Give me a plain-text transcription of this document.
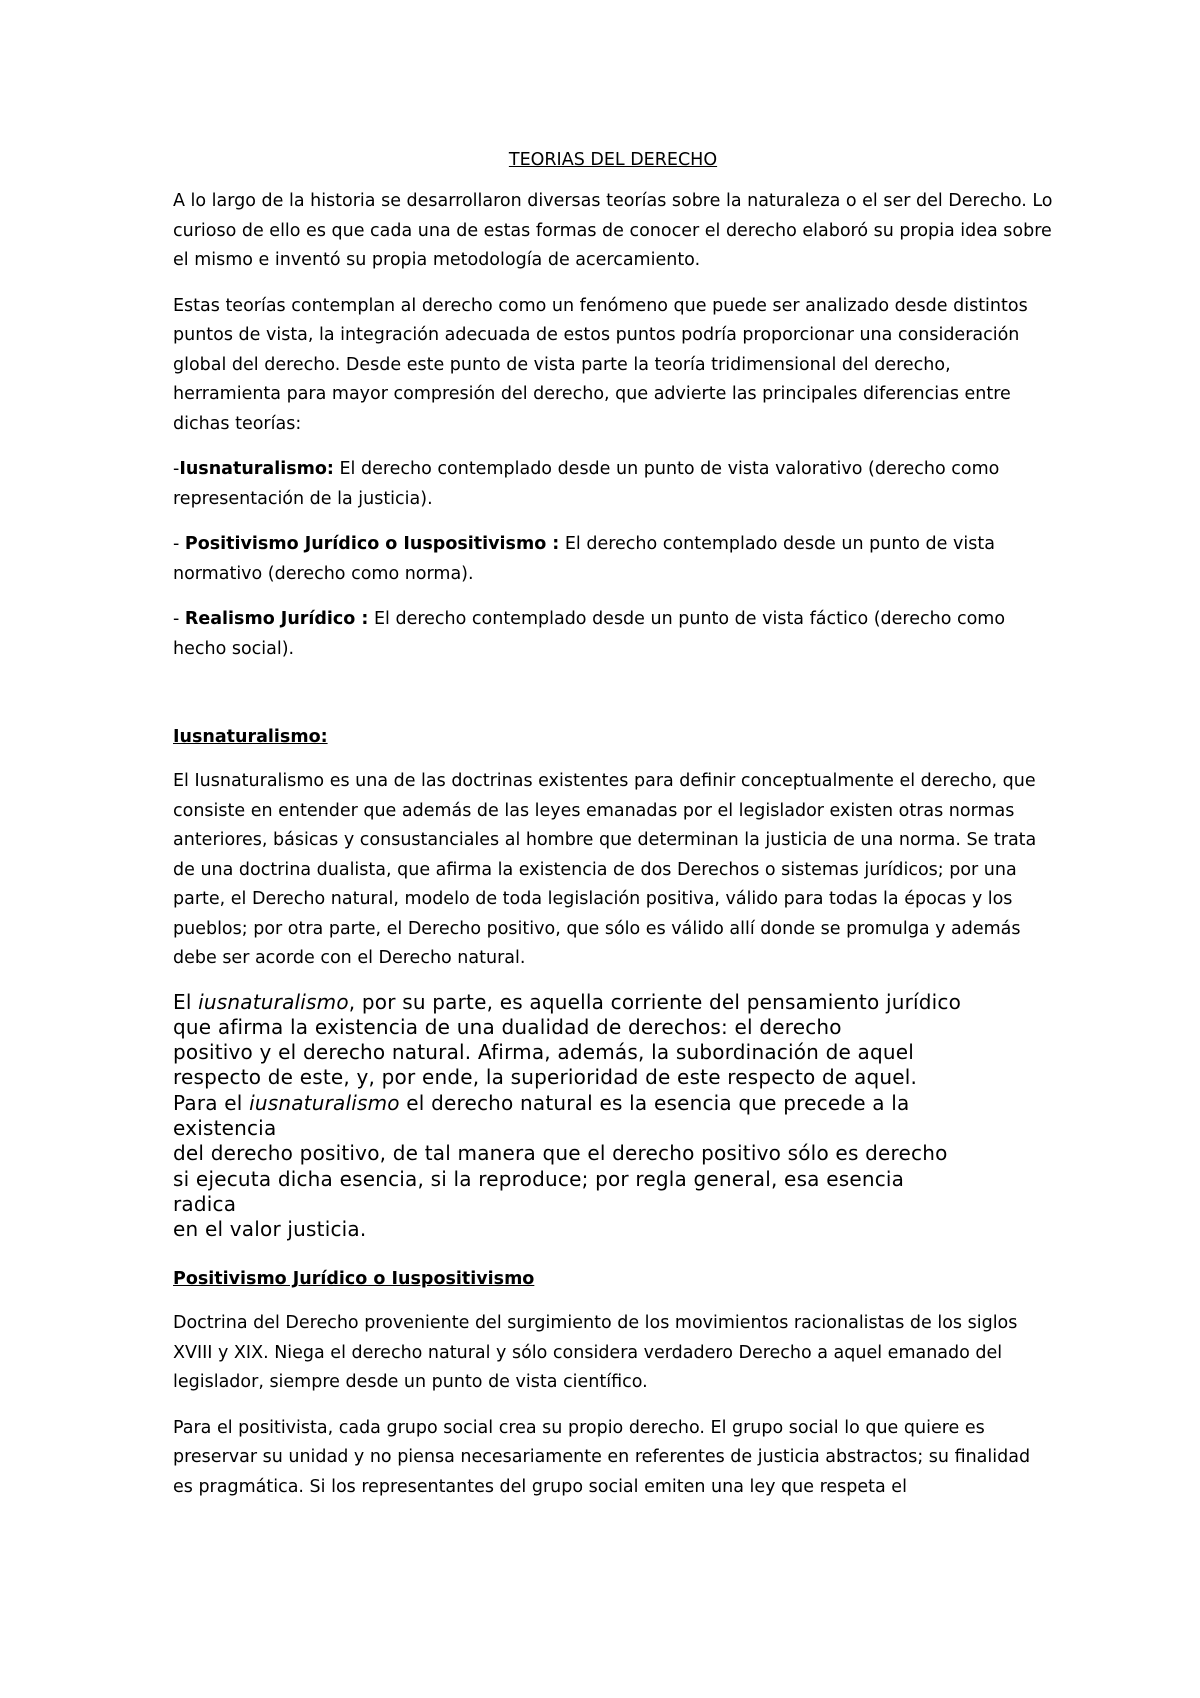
TEORIAS DEL DERECHO

A lo largo de la historia se desarrollaron diversas teorías sobre la naturaleza o el ser del Derecho. Lo curioso de ello es que cada una de estas formas de conocer el derecho elaboró su propia idea sobre el mismo e inventó su propia metodología de acercamiento.

Estas teorías contemplan al derecho como un fenómeno que puede ser analizado desde distintos puntos de vista, la integración adecuada de estos puntos podría proporcionar una consideración global del derecho. Desde este punto de vista parte la teoría tridimensional del derecho, herramienta para mayor compresión del derecho, que advierte las principales diferencias entre dichas teorías:

-Iusnaturalismo: El derecho contemplado desde un punto de vista valorativo (derecho como representación de la justicia).

- Positivismo Jurídico o Iuspositivismo : El derecho contemplado desde un punto de vista normativo (derecho como norma).

- Realismo Jurídico : El derecho contemplado desde un punto de vista fáctico (derecho como hecho social).

Iusnaturalismo:

El Iusnaturalismo es una de las doctrinas existentes para definir conceptualmente el derecho, que consiste en entender que además de las leyes emanadas por el legislador existen otras normas anteriores, básicas y consustanciales al hombre que determinan la justicia de una norma. Se trata de una doctrina dualista, que afirma la existencia de dos Derechos o sistemas jurídicos; por una parte, el Derecho natural, modelo de toda legislación positiva, válido para todas la épocas y los pueblos; por otra parte, el Derecho positivo, que sólo es válido allí donde se promulga y además debe ser acorde con el Derecho natural.

El iusnaturalismo, por su parte, es aquella corriente del pensamiento jurídico
que afirma la existencia de una dualidad de derechos: el derecho
positivo y el derecho natural. Afirma, además, la subordinación de aquel
respecto de este, y, por ende, la superioridad de este respecto de aquel.
Para el iusnaturalismo el derecho natural es la esencia que precede a la
existencia
del derecho positivo, de tal manera que el derecho positivo sólo es derecho
si ejecuta dicha esencia, si la reproduce; por regla general, esa esencia
radica
en el valor justicia.
Positivismo Jurídico o Iuspositivismo

Doctrina del Derecho proveniente del surgimiento de los movimientos racionalistas de los siglos XVIII y XIX. Niega el derecho natural y sólo considera verdadero Derecho a aquel emanado del legislador, siempre desde un punto de vista científico.

Para el positivista, cada grupo social crea su propio derecho. El grupo social lo que quiere es preservar su unidad y no piensa necesariamente en referentes de justicia abstractos; su finalidad es pragmática. Si los representantes del grupo social emiten una ley que respeta el
